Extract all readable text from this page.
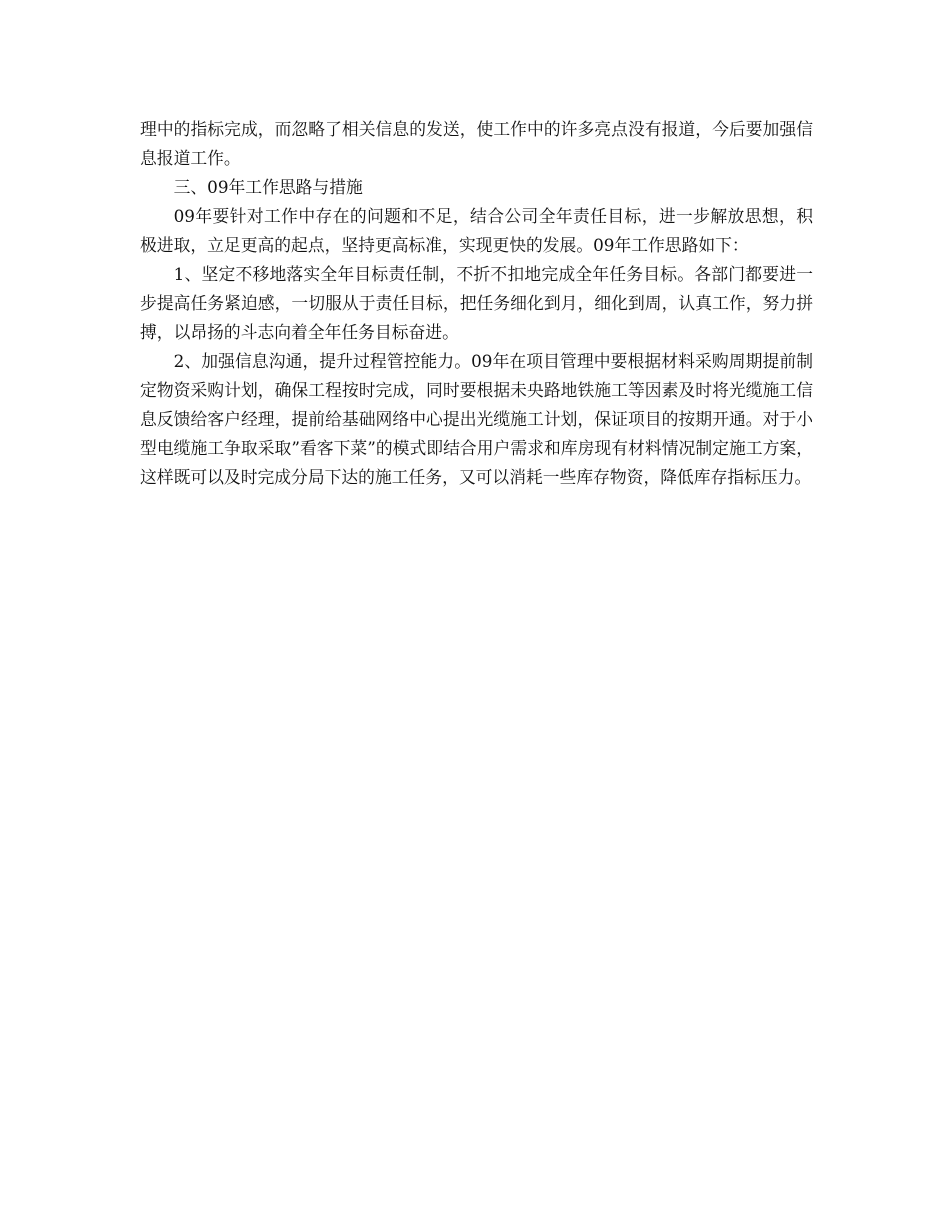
理中的指标完成，而忽略了相关信息的发送，使工作中的许多亮点没有报道，今后要加强信息报道工作。

三、09年工作思路与措施

09年要针对工作中存在的问题和不足，结合公司全年责任目标，进一步解放思想，积极进取，立足更高的起点，坚持更高标准，实现更快的发展。09年工作思路如下：

1、坚定不移地落实全年目标责任制，不折不扣地完成全年任务目标。各部门都要进一步提高任务紧迫感，一切服从于责任目标，把任务细化到月，细化到周，认真工作，努力拼搏，以昂扬的斗志向着全年任务目标奋进。

2、加强信息沟通，提升过程管控能力。09年在项目管理中要根据材料采购周期提前制定物资采购计划，确保工程按时完成，同时要根据未央路地铁施工等因素及时将光缆施工信息反馈给客户经理，提前给基础网络中心提出光缆施工计划，保证项目的按期开通。对于小型电缆施工争取采取”看客下菜”的模式即结合用户需求和库房现有材料情况制定施工方案，这样既可以及时完成分局下达的施工任务，又可以消耗一些库存物资，降低库存指标压力。
